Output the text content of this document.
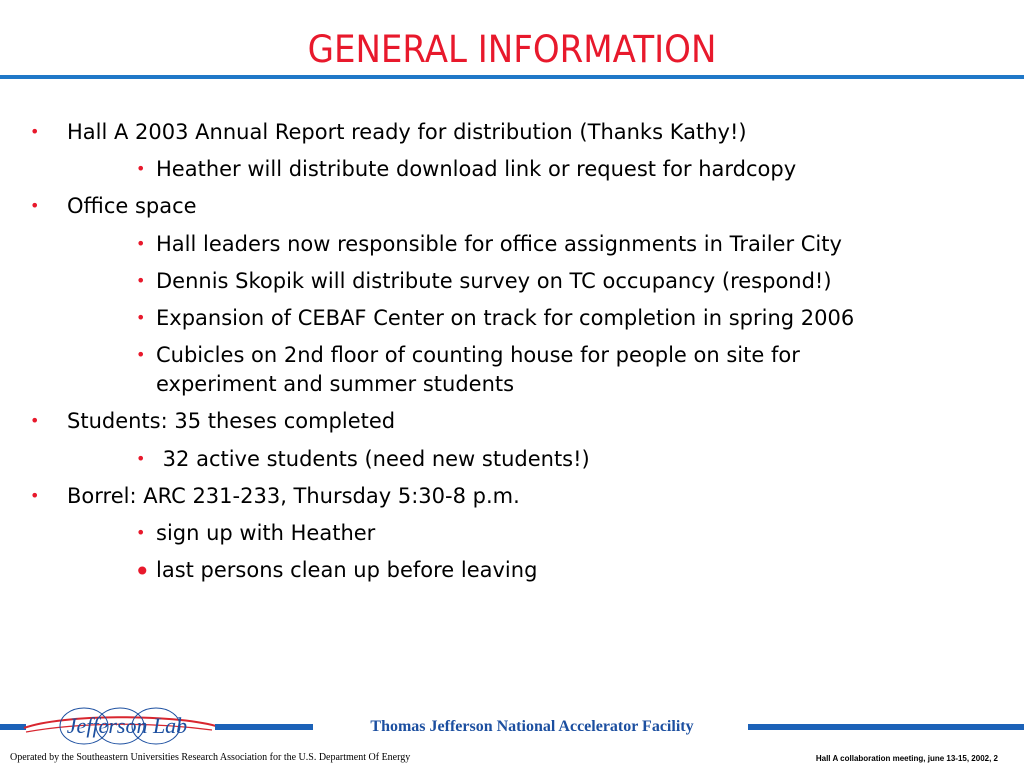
GENERAL INFORMATION
• Hall A 2003 Annual Report ready for distribution (Thanks Kathy!)
• Heather will distribute download link or request for hardcopy
• Office space
• Hall leaders now responsible for office assignments in Trailer City
• Dennis Skopik will distribute survey on TC occupancy (respond!)
• Expansion of CEBAF Center on track for completion in spring 2006
• Cubicles on 2nd floor of counting house for people on site for
experiment and summer students
• Students: 35 theses completed
• 32 active students (need new students!)
• Borrel: ARC 231-233, Thursday 5:30-8 p.m.
• sign up with Heather
• last persons clean up before leaving
Jefferson Lab	Thomas Jefferson National Accelerator Facility
Operated by the Southeastern Universities Research Association for the U.S. Department Of Energy	Hall A collaboration meeting, june 13-15, 2002, 2
